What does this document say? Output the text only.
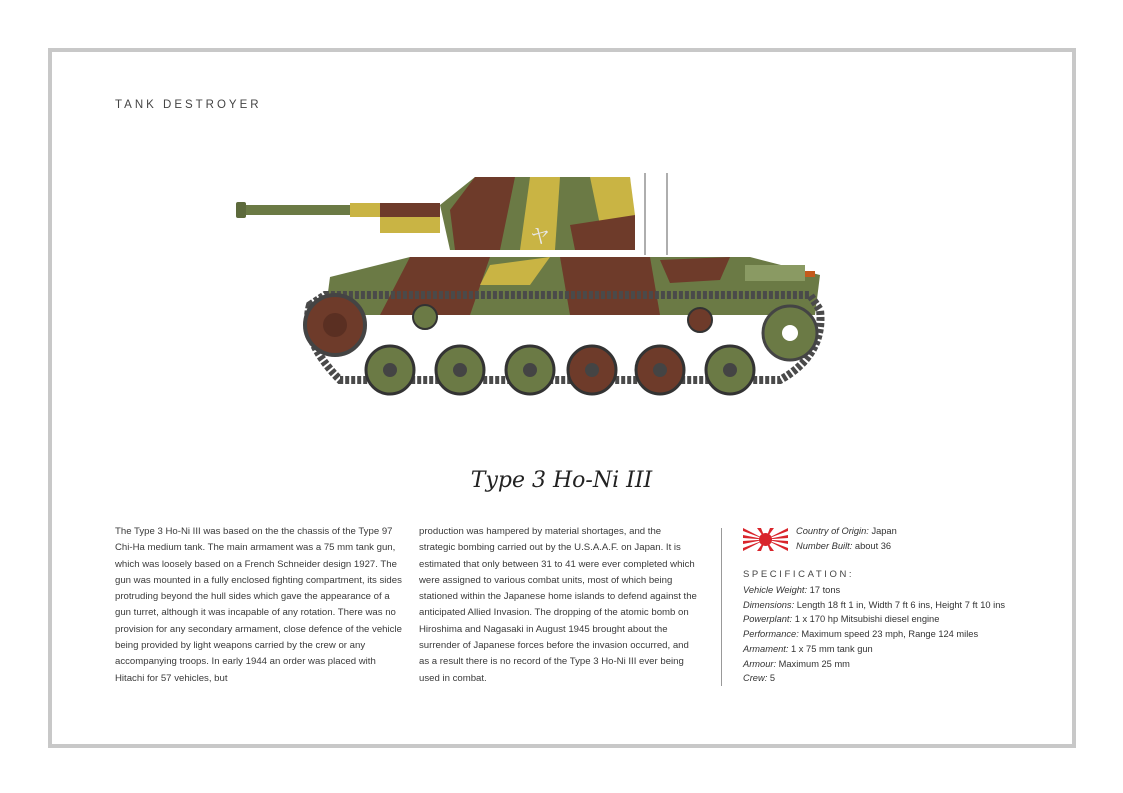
TANK DESTROYER
ヤ
Type 3 Ho-Ni III
The Type 3 Ho-Ni III was based on the the chassis of the Type 97 Chi-Ha medium tank. The main armament was a 75 mm tank gun, which was loosely based on a French Schneider design 1927. The gun was mounted in a fully enclosed fighting compartment, its sides protruding beyond the hull sides which gave the appearance of a gun turret, although it was incapable of any rotation. There was no provision for any secondary armament, close defence of the vehicle being provided by light weapons carried by the crew or any accompanying troops. In early 1944 an order was placed with Hitachi for 57 vehicles, but
production was hampered by material shortages, and the strategic bombing carried out by the U.S.A.A.F. on Japan. It is estimated that only between 31 to 41 were ever completed which were assigned to various combat units, most of which being stationed within the Japanese home islands to defend against the anticipated Allied Invasion. The dropping of the atomic bomb on Hiroshima and Nagasaki in August 1945 brought about the surrender of Japanese forces before the invasion occurred, and as a result there is no record of the Type 3 Ho-Ni III ever being used in combat.
Country of Origin: Japan
Number Built: about 36
SPECIFICATION:
Vehicle Weight: 17 tons
Dimensions: Length 18 ft 1 in, Width 7 ft 6 ins, Height 7 ft 10 ins
Powerplant: 1 x 170 hp Mitsubishi diesel engine
Performance: Maximum speed 23 mph, Range 124 miles
Armament: 1 x 75 mm tank gun
Armour: Maximum 25 mm
Crew: 5
